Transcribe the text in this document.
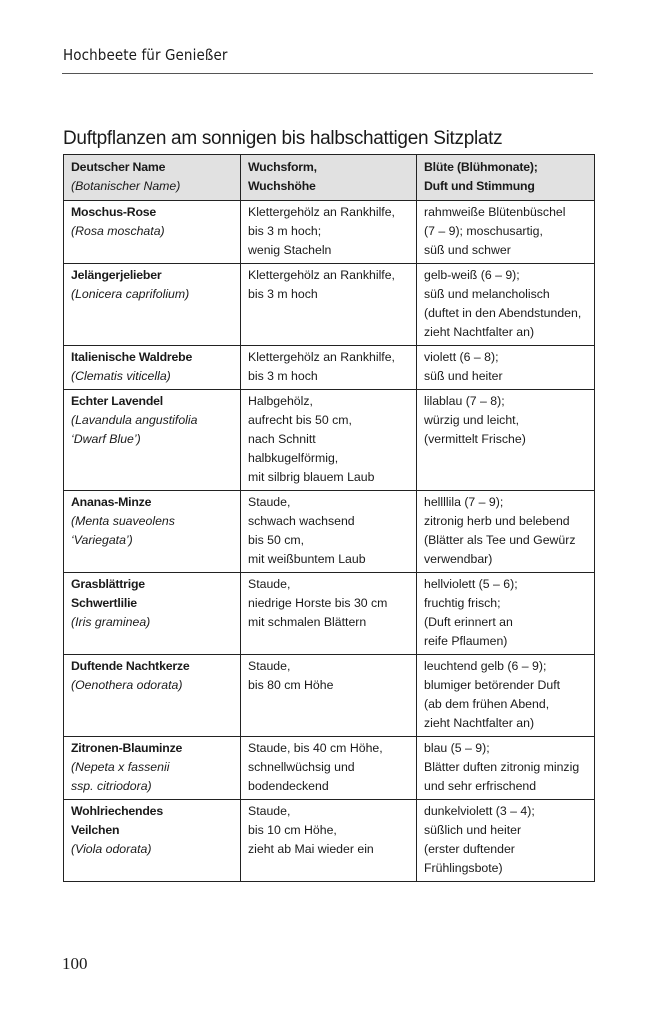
Hochbeete für Genießer
Duftpflanzen am sonnigen bis halbschattigen Sitzplatz
Deutscher Name
(Botanischer Name)	Wuchsform,
Wuchshöhe	Blüte (Blühmonate);
Duft und Stimmung

Moschus-Rose
(Rosa moschata)	Klettergehölz an Rankhilfe,
bis 3 m hoch;
wenig Stacheln	rahmweiße Blütenbüschel
(7 – 9); moschusartig,
süß und schwer

Jelängerjelieber
(Lonicera caprifolium)	Klettergehölz an Rankhilfe,
bis 3 m hoch	gelb-weiß (6 – 9);
süß und melancholisch
(duftet in den Abendstunden,
zieht Nachtfalter an)

Italienische Waldrebe
(Clematis viticella)	Klettergehölz an Rankhilfe,
bis 3 m hoch	violett (6 – 8);
süß und heiter

Echter Lavendel
(Lavandula angustifolia
‘Dwarf Blue’)	Halbgehölz,
aufrecht bis 50 cm,
nach Schnitt
halbkugelförmig,
mit silbrig blauem Laub	lilablau (7 – 8);
würzig und leicht,
(vermittelt Frische)

Ananas-Minze
(Menta suaveolens
‘Variegata’)	Staude,
schwach wachsend
bis 50 cm,
mit weißbuntem Laub	hellllila (7 – 9);
zitronig herb und belebend
(Blätter als Tee und Gewürz
verwendbar)

Grasblättrige
Schwertlilie
(Iris graminea)	Staude,
niedrige Horste bis 30 cm
mit schmalen Blättern	hellviolett (5 – 6);
fruchtig frisch;
(Duft erinnert an
reife Pflaumen)

Duftende Nachtkerze
(Oenothera odorata)	Staude,
bis 80 cm Höhe	leuchtend gelb (6 – 9);
blumiger betörender Duft
(ab dem frühen Abend,
zieht Nachtfalter an)

Zitronen-Blauminze
(Nepeta x fassenii
ssp. citriodora)	Staude, bis 40 cm Höhe,
schnellwüchsig und
bodendeckend	blau (5 – 9);
Blätter duften zitronig minzig
und sehr erfrischend

Wohlriechendes
Veilchen
(Viola odorata)	Staude,
bis 10 cm Höhe,
zieht ab Mai wieder ein	dunkelviolett (3 – 4);
süßlich und heiter
(erster duftender
Frühlingsbote)
100
